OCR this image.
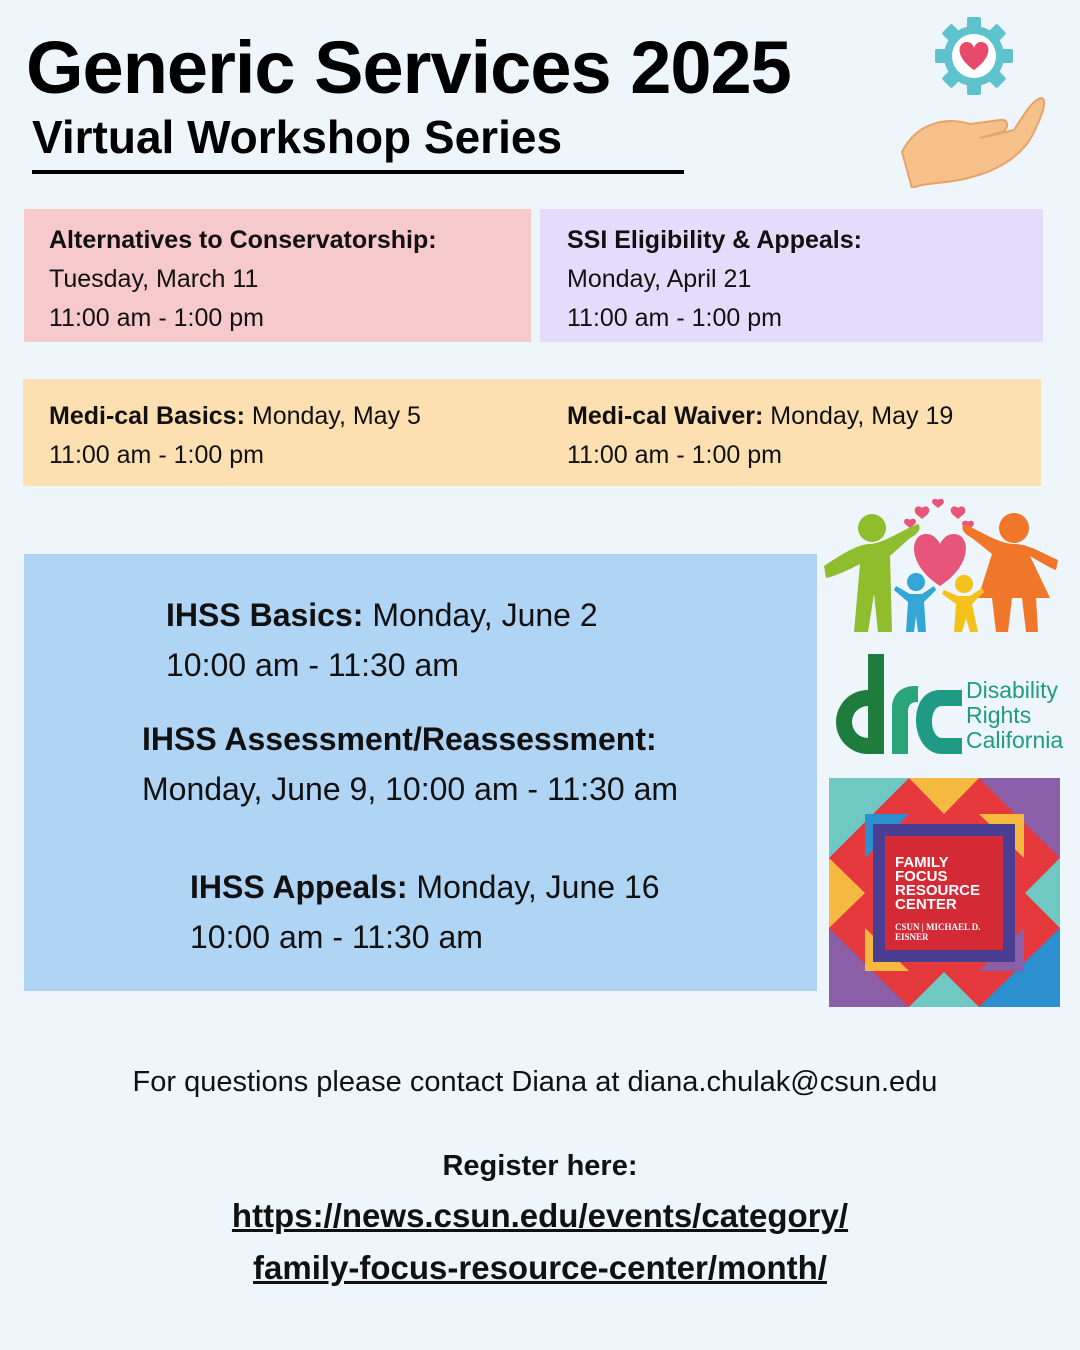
Generic Services 2025
Virtual Workshop Series
Alternatives to Conservatorship:
Tuesday, March 11
11:00 am - 1:00 pm
SSI Eligibility & Appeals:
Monday, April 21
11:00 am - 1:00 pm
Medi-cal Basics: Monday, May 5
11:00 am - 1:00 pm
Medi-cal Waiver: Monday, May 19
11:00 am - 1:00 pm
IHSS Basics: Monday, June 2
10:00 am - 11:30 am
IHSS Assessment/Reassessment:
Monday, June 9, 10:00 am - 11:30 am
IHSS Appeals: Monday, June 16
10:00 am - 11:30 am
Disability
Rights
California
FAMILY
FOCUS
RESOURCE
CENTER
CSUN | MICHAEL D. EISNER
For questions please contact Diana at diana.chulak@csun.edu
Register here:
https://news.csun.edu/events/category/
family-focus-resource-center/month/
